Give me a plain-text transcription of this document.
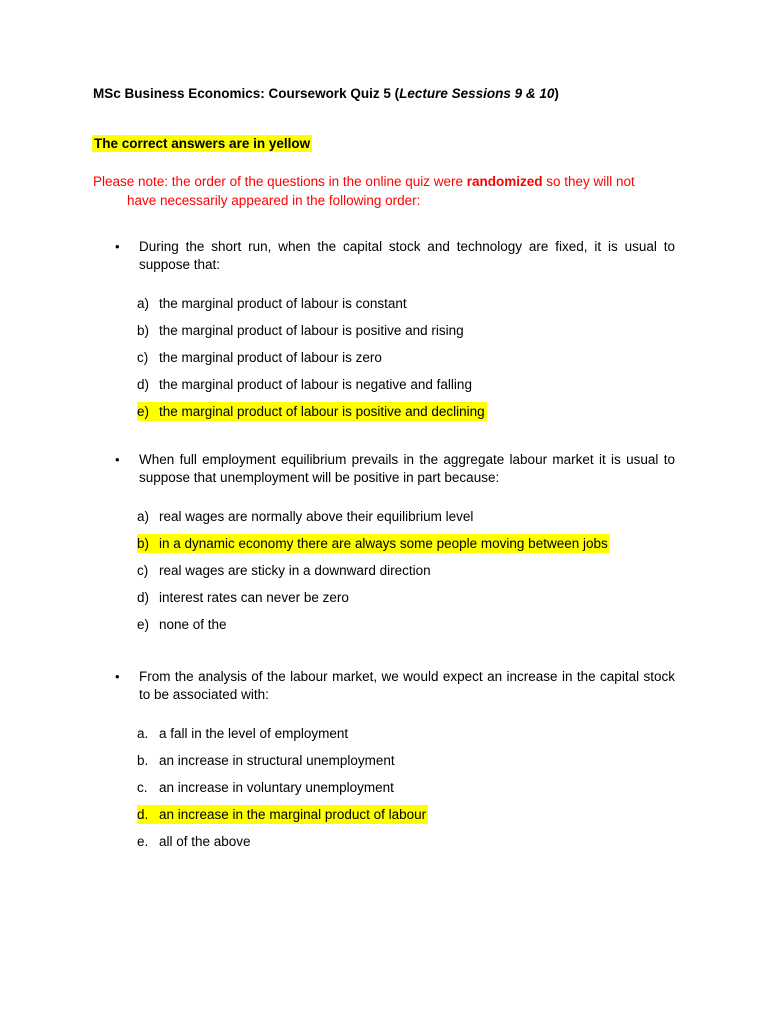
MSc Business Economics: Coursework Quiz 5 (Lecture Sessions 9 & 10)
The correct answers are in yellow
Please note: the order of the questions in the online quiz were randomized so they will not
have necessarily appeared in the following order:
• During the short run, when the capital stock and technology are fixed, it is usual to suppose that:
a) the marginal product of labour is constant
b) the marginal product of labour is positive and rising
c) the marginal product of labour is zero
d) the marginal product of labour is negative and falling
e) the marginal product of labour is positive and declining
• When full employment equilibrium prevails in the aggregate labour market it is usual to suppose that unemployment will be positive in part because:
a) real wages are normally above their equilibrium level
b) in a dynamic economy there are always some people moving between jobs
c) real wages are sticky in a downward direction
d) interest rates can never be zero
e) none of the
• From the analysis of the labour market, we would expect an increase in the capital stock to be associated with:
a. a fall in the level of employment
b. an increase in structural unemployment
c. an increase in voluntary unemployment
d. an increase in the marginal product of labour
e. all of the above
